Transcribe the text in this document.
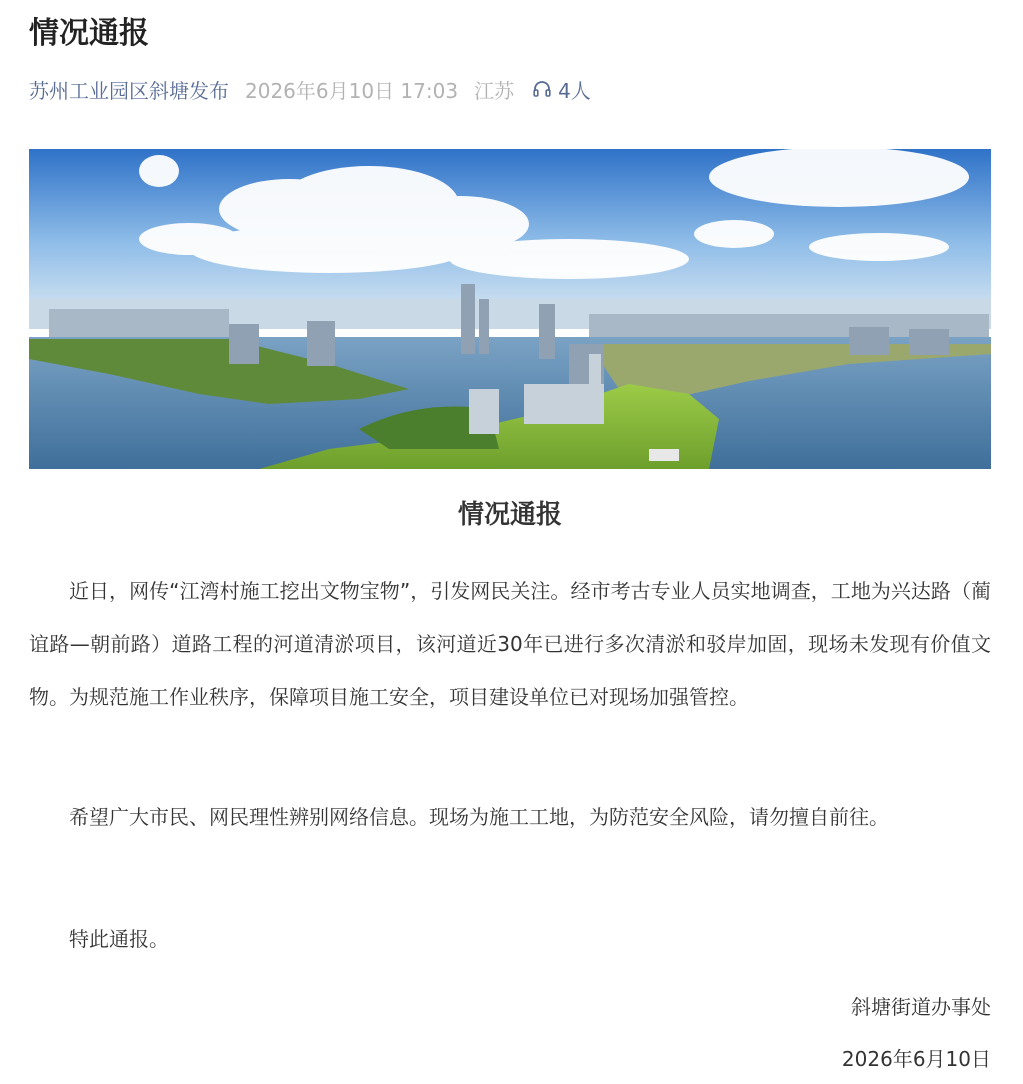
情况通报
苏州工业园区斜塘发布 2026年6月10日 17:03 江苏 4人
情况通报

近日，网传“江湾村施工挖出文物宝物”，引发网民关注。经市考古专业人员实地调查，工地为兴达路（蔺谊路—朝前路）道路工程的河道清淤项目，该河道近30年已进行多次清淤和驳岸加固，现场未发现有价值文物。为规范施工作业秩序，保障项目施工安全，项目建设单位已对现场加强管控。

希望广大市民、网民理性辨别网络信息。现场为施工工地，为防范安全风险，请勿擅自前往。

特此通报。

斜塘街道办事处
2026年6月10日
